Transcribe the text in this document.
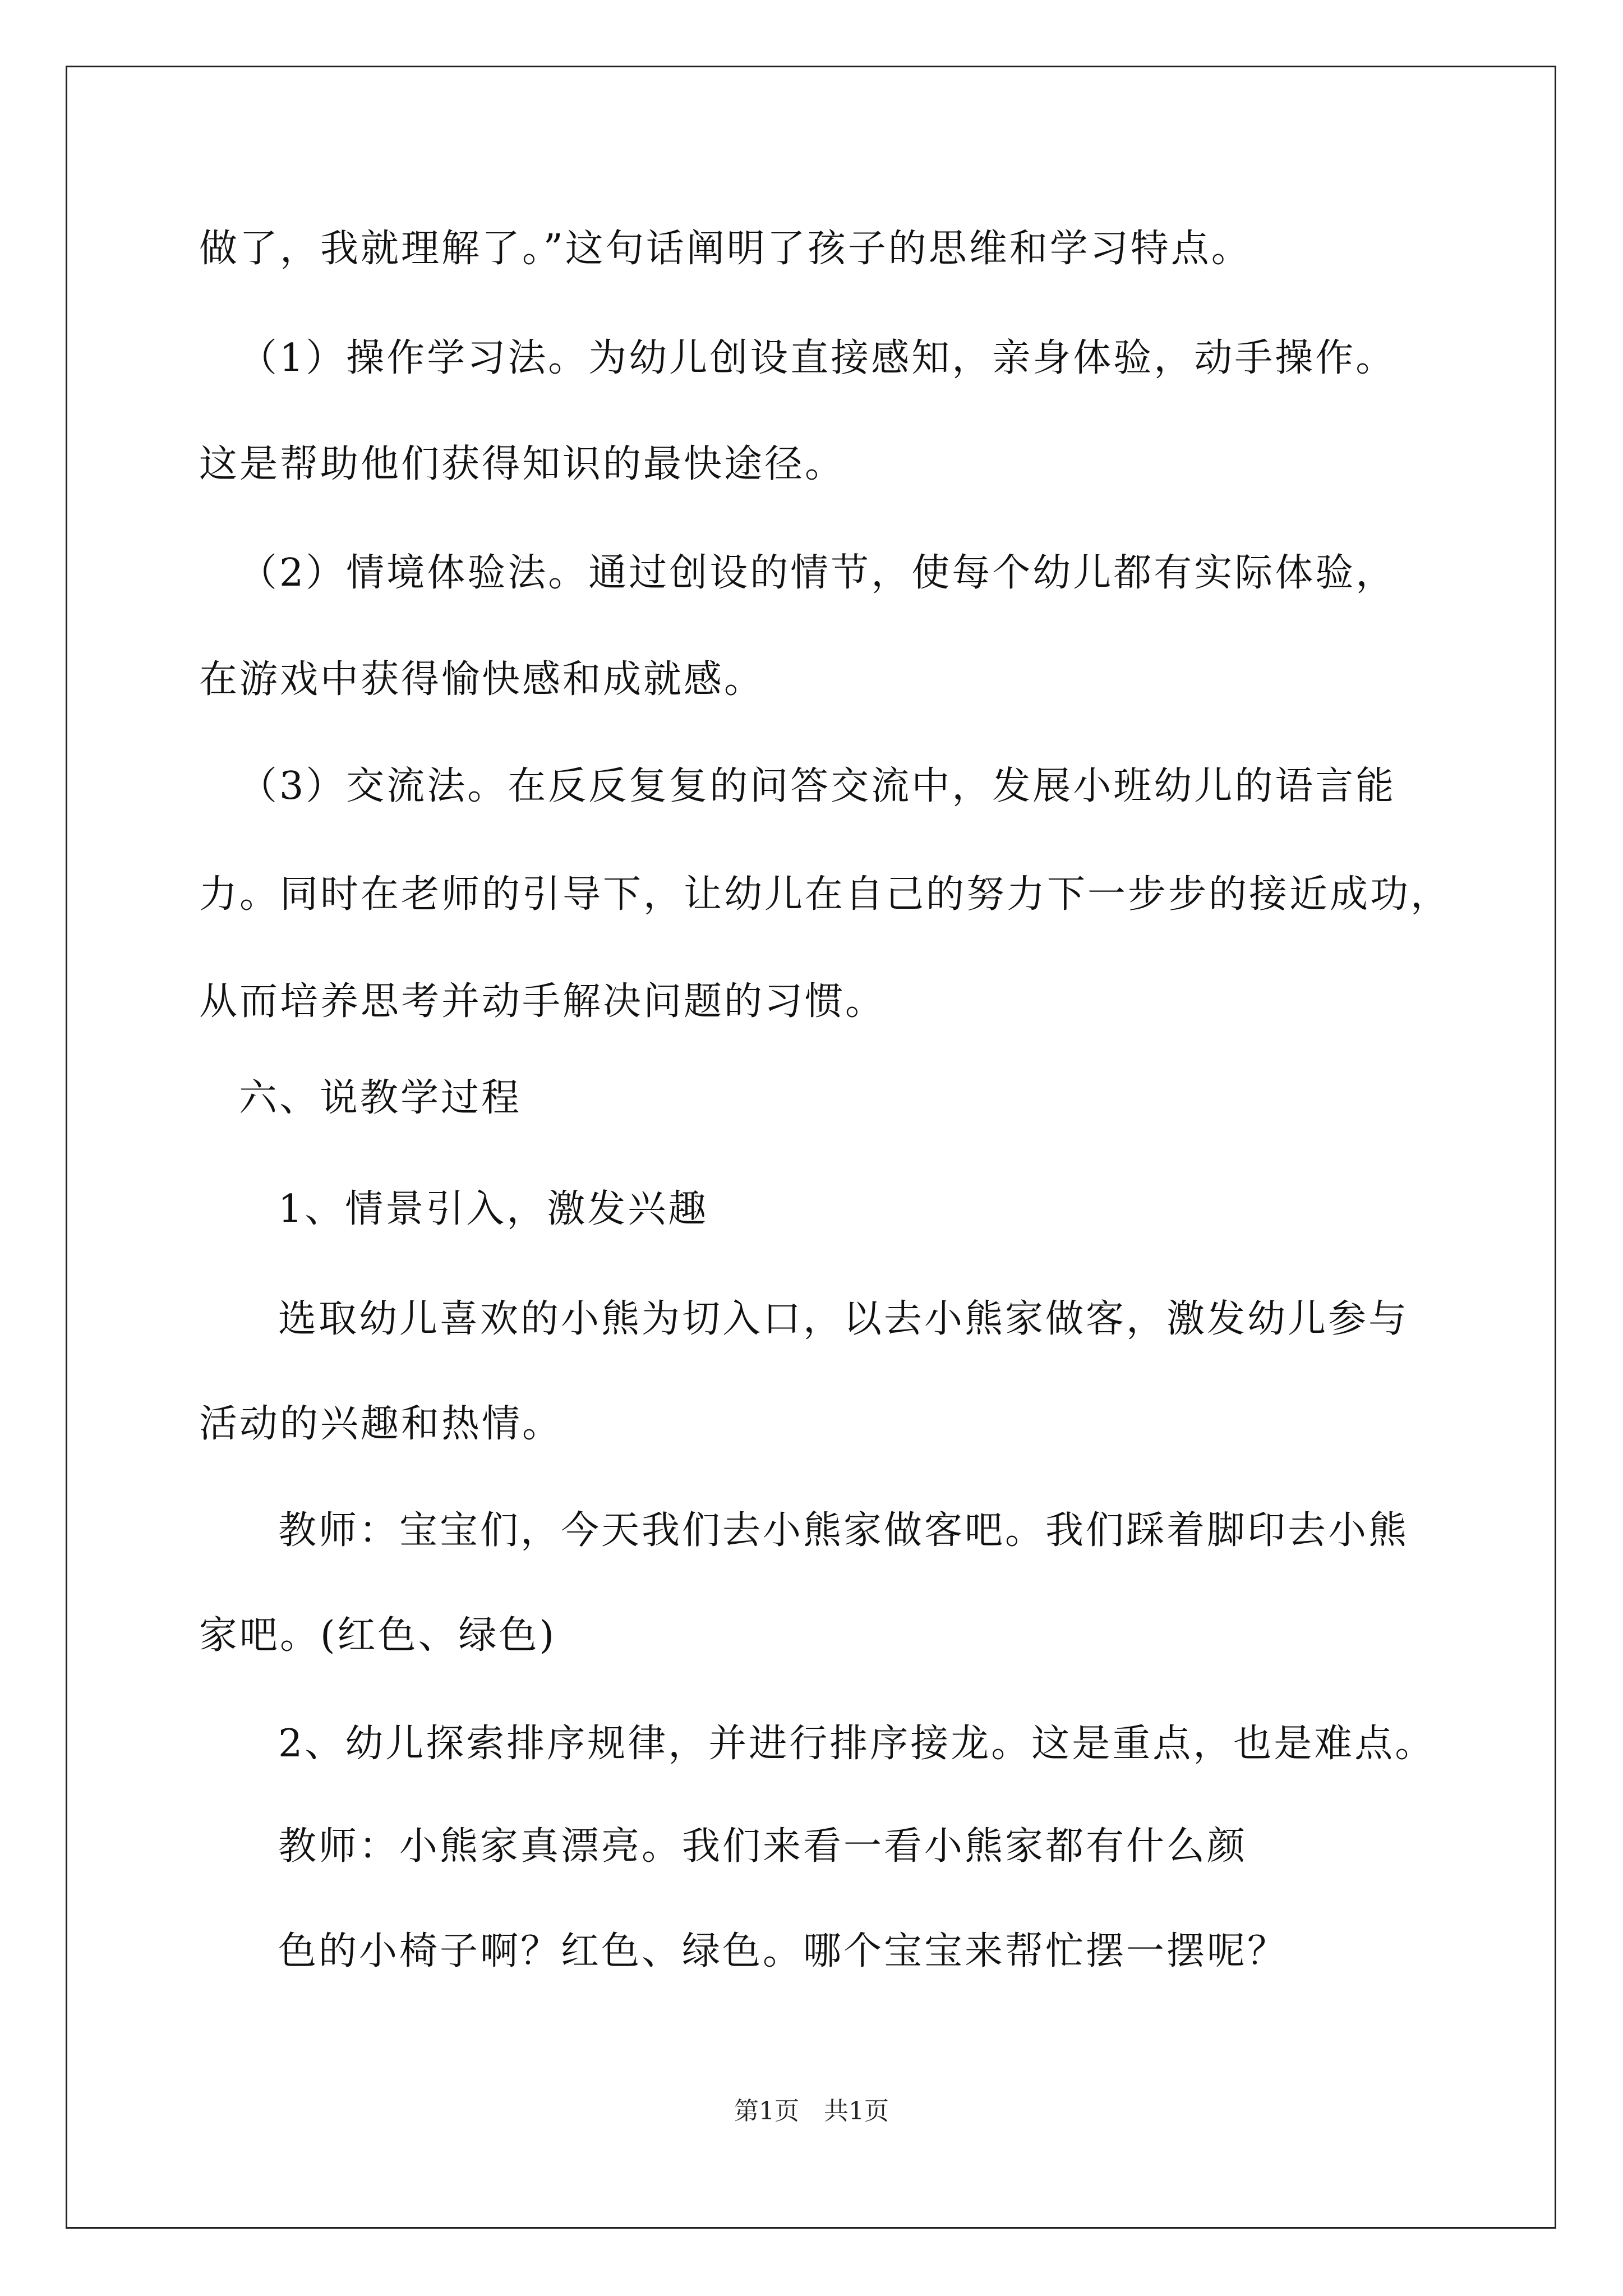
做了，我就理解了。”这句话阐明了孩子的思维和学习特点。
（1）操作学习法。为幼儿创设直接感知，亲身体验，动手操作。
这是帮助他们获得知识的最快途径。
（2）情境体验法。通过创设的情节，使每个幼儿都有实际体验，
在游戏中获得愉快感和成就感。
（3）交流法。在反反复复的问答交流中，发展小班幼儿的语言能
力。同时在老师的引导下，让幼儿在自己的努力下一步步的接近成功，
从而培养思考并动手解决问题的习惯。
六、说教学过程
1、情景引入，激发兴趣
选取幼儿喜欢的小熊为切入口，以去小熊家做客，激发幼儿参与
活动的兴趣和热情。
教师：宝宝们，今天我们去小熊家做客吧。我们踩着脚印去小熊
家吧。(红色、绿色)
2、幼儿探索排序规律，并进行排序接龙。这是重点，也是难点。
教师：小熊家真漂亮。我们来看一看小熊家都有什么颜
色的小椅子啊？红色、绿色。哪个宝宝来帮忙摆一摆呢？
第1页　共1页
